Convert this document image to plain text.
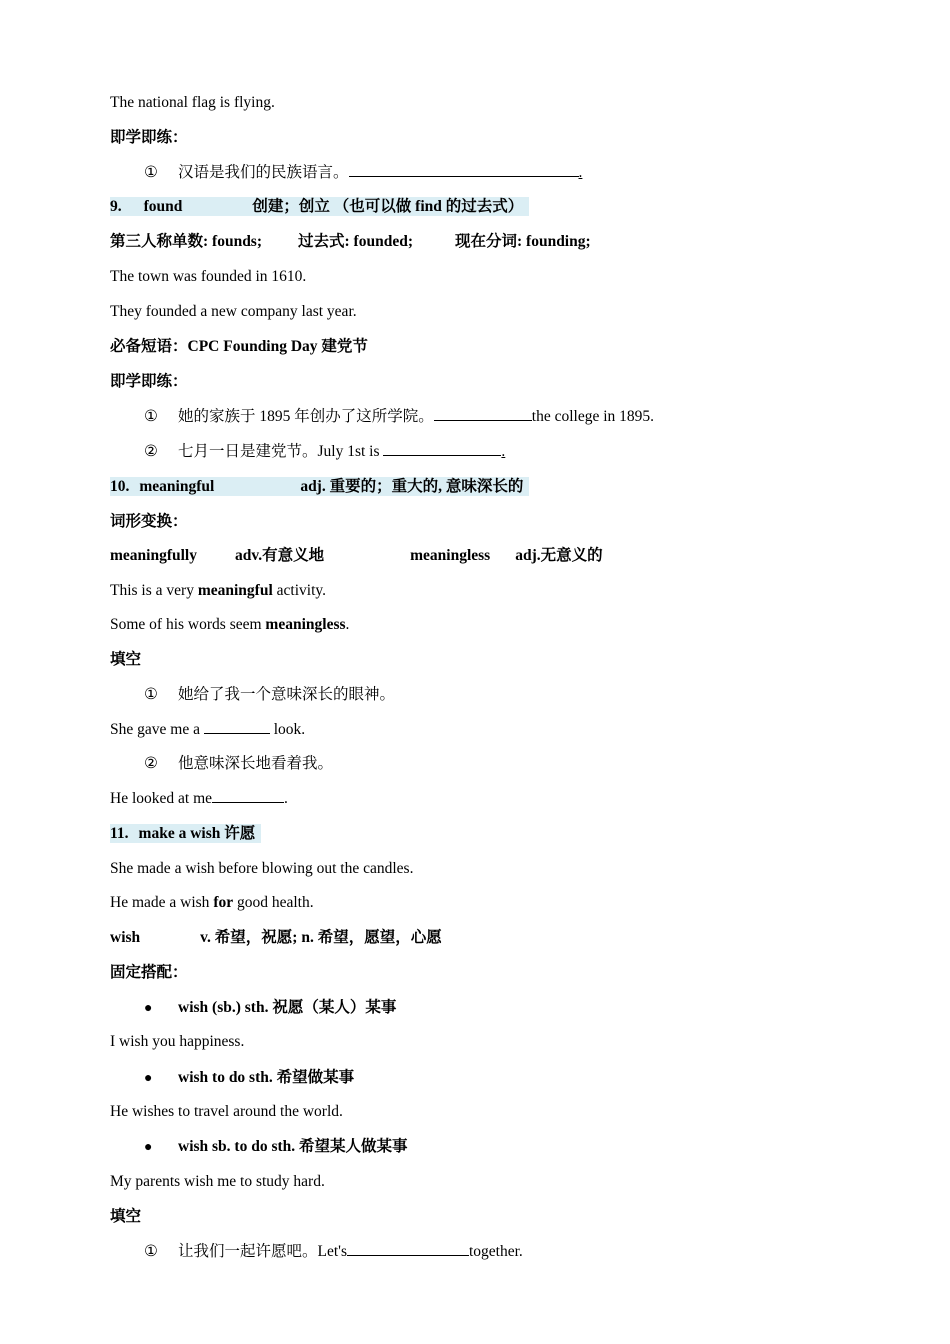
The national flag is flying.
即学即练：
① 汉语是我们的民族语言。	.
9. found	创建；创立 （也可以做 find 的过去式）
第三人称单数: founds; 过去式: founded;	现在分词: founding;
The town was founded in 1610.
They founded a new company last year.
必备短语：CPC Founding Day 建党节
即学即练：
① 她的家族于 1895 年创办了这所学院。	the college in 1895.
② 七月一日是建党节。July 1st is	.
10. meaningful	adj. 重要的；重大的, 意味深长的
词形变换：
meaningfully adv.有意义地	meaningless adj.无意义的
This is a very meaningful activity.
Some of his words seem meaningless.
填空
① 她给了我一个意味深长的眼神。
She gave me a	look.
② 他意味深长地看着我。
He looked at me	.
11. make a wish 许愿
She made a wish before blowing out the candles.
He made a wish for good health.
wish	v. 希望，祝愿; n. 希望，愿望，心愿
固定搭配：
● wish (sb.) sth. 祝愿（某人）某事
I wish you happiness.
● wish to do sth. 希望做某事
He wishes to travel around the world.
● wish sb. to do sth. 希望某人做某事
My parents wish me to study hard.
填空
① 让我们一起许愿吧。Let's	together.
